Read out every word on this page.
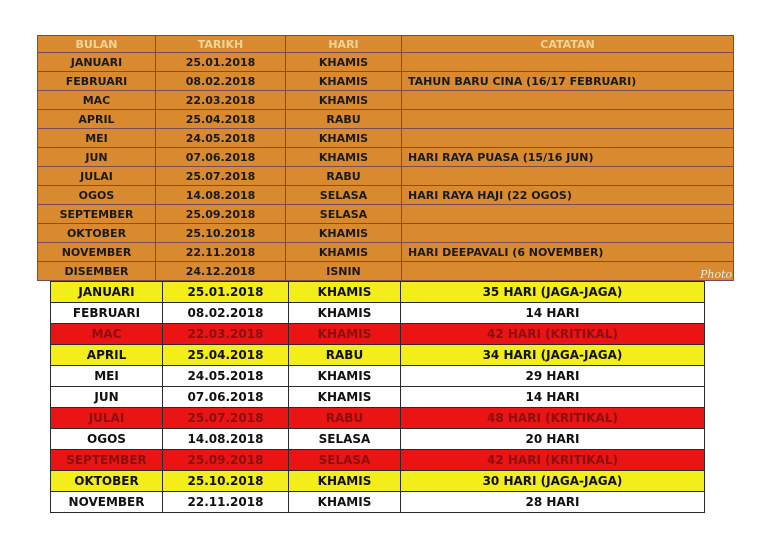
BULAN	TARIKH	HARI	CATATAN
JANUARI	25.01.2018	KHAMIS	
FEBRUARI	08.02.2018	KHAMIS	TAHUN BARU CINA (16/17 FEBRUARI)
MAC	22.03.2018	KHAMIS	
APRIL	25.04.2018	RABU	
MEI	24.05.2018	KHAMIS	
JUN	07.06.2018	KHAMIS	HARI RAYA PUASA (15/16 JUN)
JULAI	25.07.2018	RABU	
OGOS	14.08.2018	SELASA	HARI RAYA HAJI (22 OGOS)
SEPTEMBER	25.09.2018	SELASA	
OKTOBER	25.10.2018	KHAMIS	
NOVEMBER	22.11.2018	KHAMIS	HARI DEEPAVALI (6 NOVEMBER)
DISEMBER	24.12.2018	ISNIN		Photo
JANUARI	25.01.2018	KHAMIS	35 HARI (JAGA-JAGA)
FEBRUARI	08.02.2018	KHAMIS	14 HARI
MAC	22.03.2018	KHAMIS	42 HARI (KRITIKAL)
APRIL	25.04.2018	RABU	34 HARI (JAGA-JAGA)
MEI	24.05.2018	KHAMIS	29 HARI
JUN	07.06.2018	KHAMIS	14 HARI
JULAI	25.07.2018	RABU	48 HARI (KRITIKAL)
OGOS	14.08.2018	SELASA	20 HARI
SEPTEMBER	25.09.2018	SELASA	42 HARI (KRITIKAL)
OKTOBER	25.10.2018	KHAMIS	30 HARI (JAGA-JAGA)
NOVEMBER	22.11.2018	KHAMIS	28 HARI
